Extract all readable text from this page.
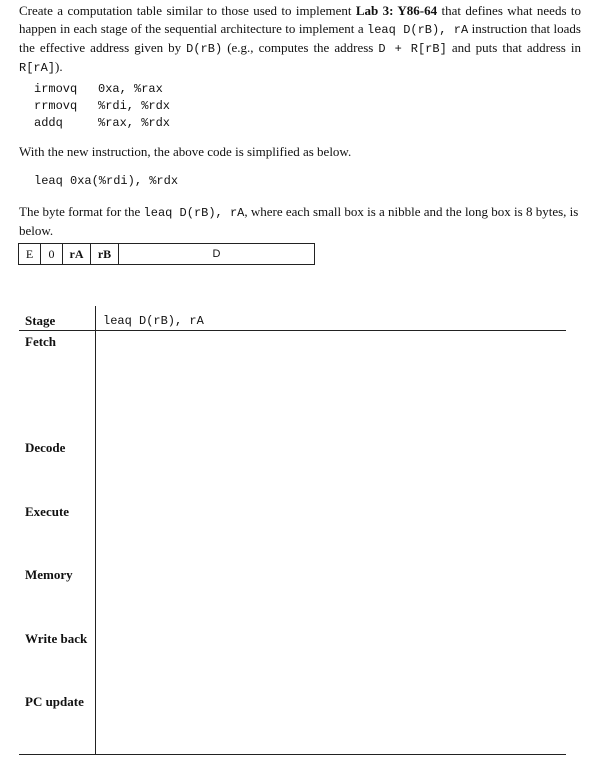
Create a computation table similar to those used to implement Lab 3: Y86-64 that defines what needs to happen in each stage of the sequential architecture to implement a leaq D(rB), rA instruction that loads the effective address given by D(rB) (e.g., computes the address D + R[rB] and puts that address in R[rA]).

irmovq 0xa, %rax
rrmovq %rdi, %rdx
addq	%rax, %rdx

With the new instruction, the above code is simplified as below.

leaq 0xa(%rdi), %rdx

The byte format for the leaq D(rB), rA, where each small box is a nibble and the long box is 8 bytes, is below.

E	0	rA	rB	D
Stage	leaq D(rB), rA
Fetch
Decode
Execute
Memory
Write back
PC update
